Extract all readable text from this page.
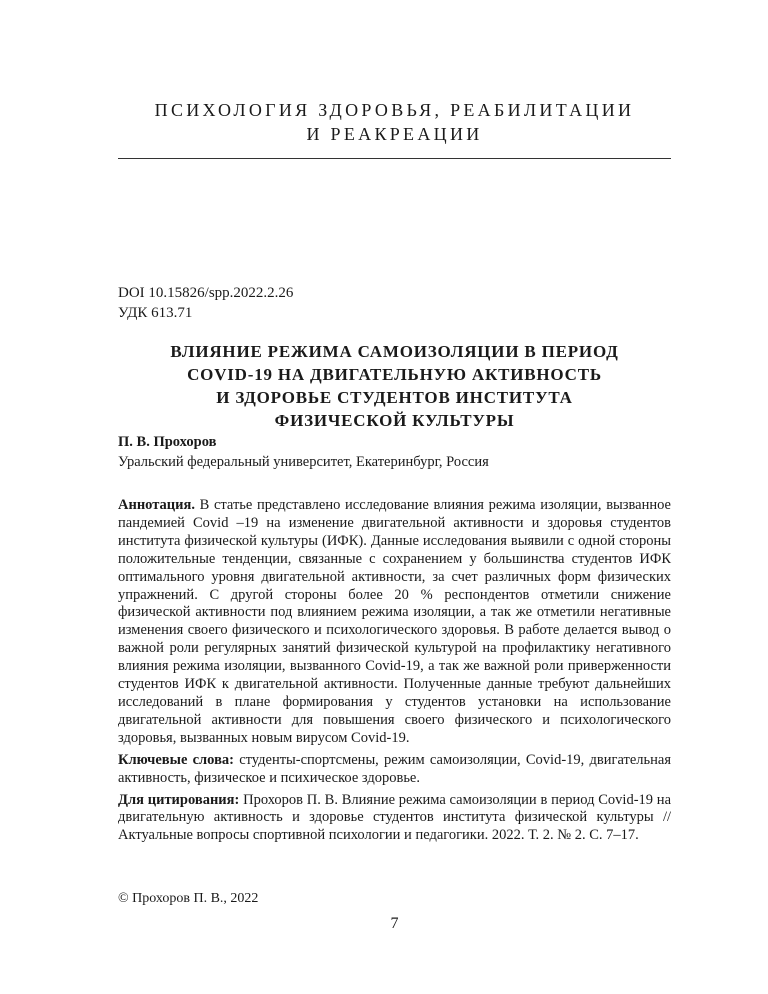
ПСИХОЛОГИЯ ЗДОРОВЬЯ, РЕАБИЛИТАЦИИ
И РЕАКРЕАЦИИ
DOI 10.15826/spp.2022.2.26
УДК 613.71
ВЛИЯНИЕ РЕЖИМА САМОИЗОЛЯЦИИ В ПЕРИОД
COVID-19 НА ДВИГАТЕЛЬНУЮ АКТИВНОСТЬ
И ЗДОРОВЬЕ СТУДЕНТОВ ИНСТИТУТА
ФИЗИЧЕСКОЙ КУЛЬТУРЫ
П. В. Прохоров
Уральский федеральный университет, Екатеринбург, Россия

Аннотация. В статье представлено исследование влияния режима изоляции, вызванное пандемией Covid –19 на изменение двигательной активности и здоровья студентов института физической культуры (ИФК). Данные исследования выявили с одной стороны положительные тенденции, связанные с сохранением у большинства студентов ИФК оптимального уровня двигательной активности, за счет различных форм физических упражнений. С другой стороны более 20 % респондентов отметили снижение физической активности под влиянием режима изоляции, а так же отметили негативные изменения своего физического и психологического здоровья. В работе делается вывод о важной роли регулярных занятий физической культурой на профилактику негативного влияния режима изоляции, вызванного Covid-19, а так же важной роли приверженности студентов ИФК к двигательной активности. Полученные данные требуют дальнейших исследований в плане формирования у студентов установки на использование двигательной активности для повышения своего физического и психологического здоровья, вызванных новым вирусом Covid-19.

Ключевые слова: студенты-спортсмены, режим самоизоляции, Covid-19, двигательная активность, физическое и психическое здоровье.

Для цитирования: Прохоров П. В. Влияние режима самоизоляции в период Covid-19 на двигательную активность и здоровье студентов института физической культуры // Актуальные вопросы спортивной психологии и педагогики. 2022. Т. 2. № 2. С. 7–17.

© Прохоров П. В., 2022
7
